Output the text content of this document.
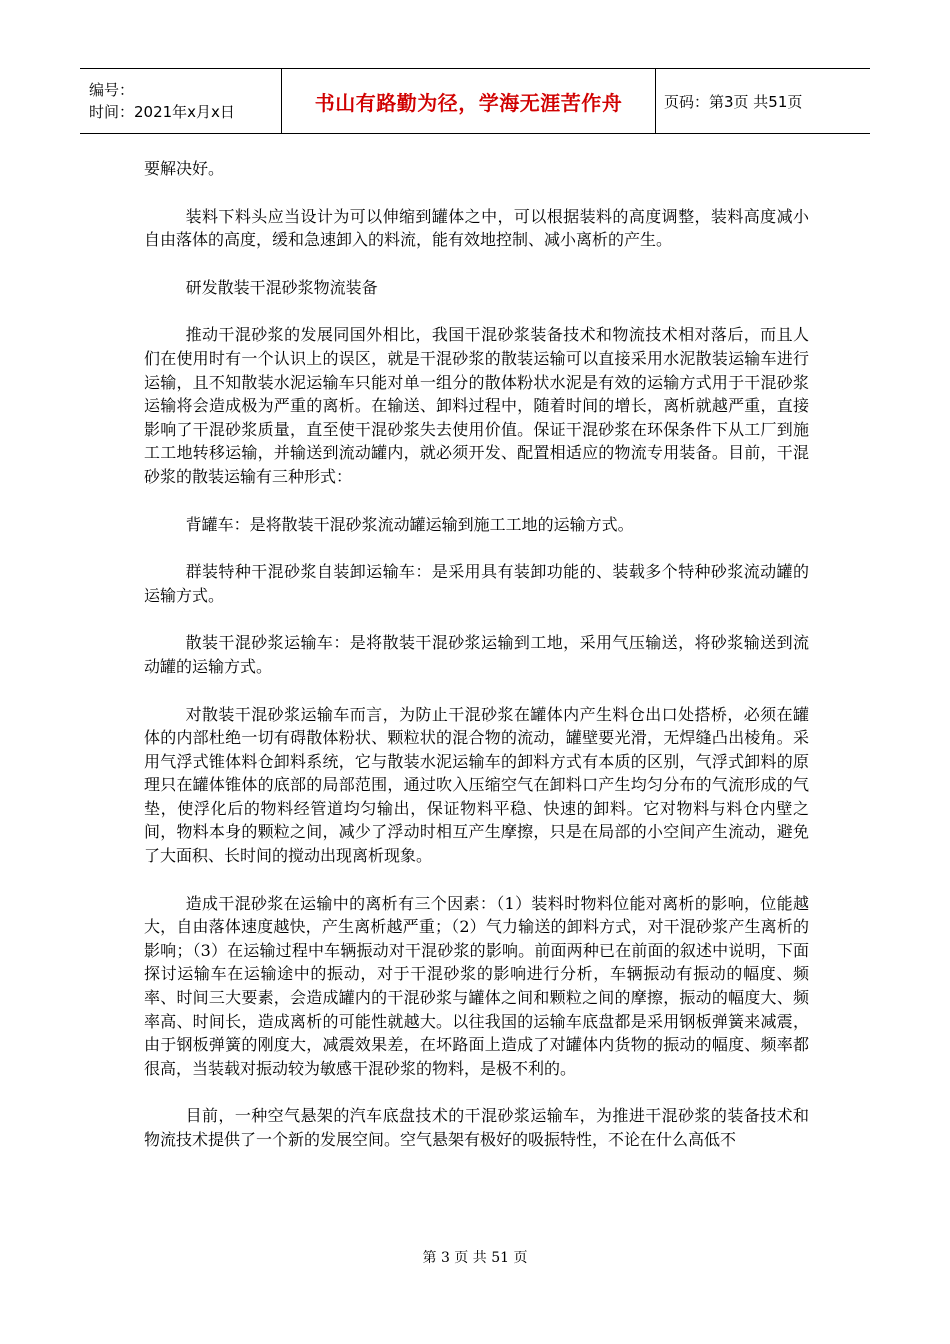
编号：
时间：2021年x月x日	书山有路勤为径，学海无涯苦作舟	页码：第3页 共51页

要解决好。

装料下料头应当设计为可以伸缩到罐体之中，可以根据装料的高度调整，装料高度减小自由落体的高度，缓和急速卸入的料流，能有效地控制、减小离析的产生。

研发散装干混砂浆物流装备

推动干混砂浆的发展同国外相比，我国干混砂浆装备技术和物流技术相对落后，而且人们在使用时有一个认识上的误区，就是干混砂浆的散装运输可以直接采用水泥散装运输车进行运输，且不知散装水泥运输车只能对单一组分的散体粉状水泥是有效的运输方式用于干混砂浆运输将会造成极为严重的离析。在输送、卸料过程中，随着时间的增长，离析就越严重，直接影响了干混砂浆质量，直至使干混砂浆失去使用价值。保证干混砂浆在环保条件下从工厂到施工工地转移运输，并输送到流动罐内，就必须开发、配置相适应的物流专用装备。目前，干混砂浆的散装运输有三种形式：

背罐车：是将散装干混砂浆流动罐运输到施工工地的运输方式。

群装特种干混砂浆自装卸运输车：是采用具有装卸功能的、装载多个特种砂浆流动罐的运输方式。

散装干混砂浆运输车：是将散装干混砂浆运输到工地，采用气压输送，将砂浆输送到流动罐的运输方式。

对散装干混砂浆运输车而言，为防止干混砂浆在罐体内产生料仓出口处搭桥，必须在罐体的内部杜绝一切有碍散体粉状、颗粒状的混合物的流动，罐壁要光滑，无焊缝凸出棱角。采用气浮式锥体料仓卸料系统，它与散装水泥运输车的卸料方式有本质的区别，气浮式卸料的原理只在罐体锥体的底部的局部范围，通过吹入压缩空气在卸料口产生均匀分布的气流形成的气垫，使浮化后的物料经管道均匀输出，保证物料平稳、快速的卸料。它对物料与料仓内壁之间，物料本身的颗粒之间，减少了浮动时相互产生摩擦，只是在局部的小空间产生流动，避免了大面积、长时间的搅动出现离析现象。

造成干混砂浆在运输中的离析有三个因素：（1）装料时物料位能对离析的影响，位能越大，自由落体速度越快，产生离析越严重；（2）气力输送的卸料方式，对干混砂浆产生离析的影响；（3）在运输过程中车辆振动对干混砂浆的影响。前面两种已在前面的叙述中说明，下面探讨运输车在运输途中的振动，对于干混砂浆的影响进行分析，车辆振动有振动的幅度、频率、时间三大要素，会造成罐内的干混砂浆与罐体之间和颗粒之间的摩擦，振动的幅度大、频率高、时间长，造成离析的可能性就越大。以往我国的运输车底盘都是采用钢板弹簧来减震，由于钢板弹簧的刚度大，减震效果差，在坏路面上造成了对罐体内货物的振动的幅度、频率都很高，当装载对振动较为敏感干混砂浆的物料，是极不利的。

目前，一种空气悬架的汽车底盘技术的干混砂浆运输车，为推进干混砂浆的装备技术和物流技术提供了一个新的发展空间。空气悬架有极好的吸振特性，不论在什么高低不

第 3 页 共 51 页
